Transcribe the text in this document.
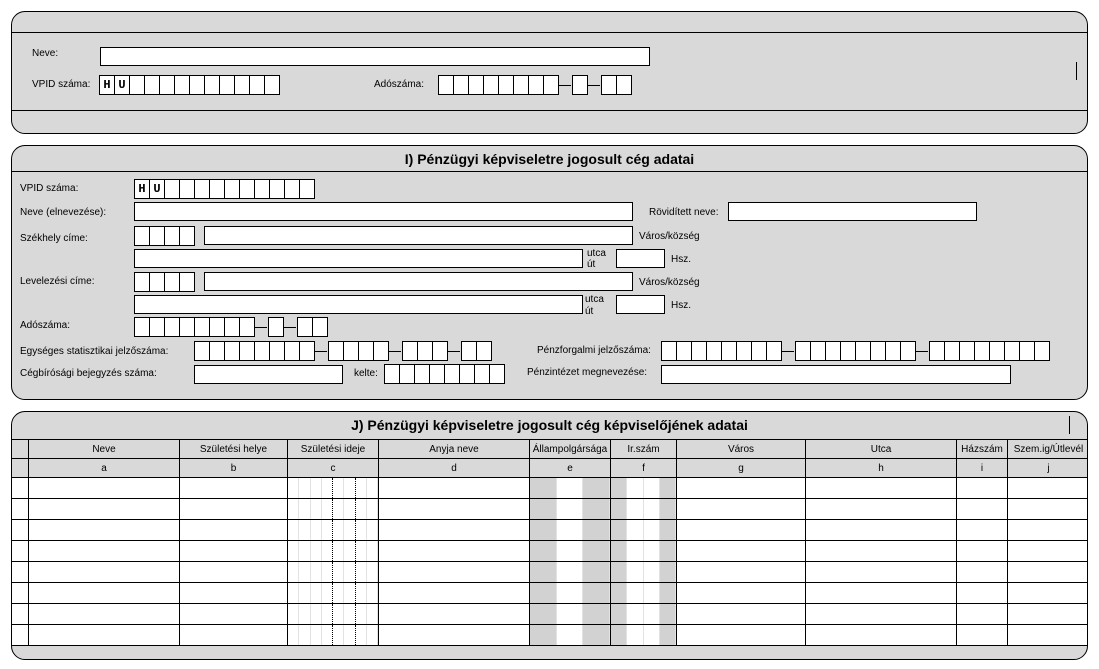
Neve:
VPID száma:	H U	Adószáma:
I) Pénzügyi képviseletre jogosult cég adatai
VPID száma:	H U
Neve (elnevezése):	Rövidített neve:
Székhely címe:	Város/község
utca
út	Hsz.
Levelezési címe:	Város/község
utca
út
Hsz.
Adószáma:
Egységes statisztikai jelzőszáma:	Pénzforgalmi jelzőszáma:
Cégbírósági bejegyzés száma:	kelte:	Pénzintézet megnevezése:
J) Pénzügyi képviseletre jogosult cég képviselőjének adatai
	Neve	Születési helye	Születési ideje	Anyja neve	Állampolgársága	Ir.szám	Város	Utca	Házszám	Szem.ig/Útlevél
	a	b	c	d	e	f	g	h	i	j
